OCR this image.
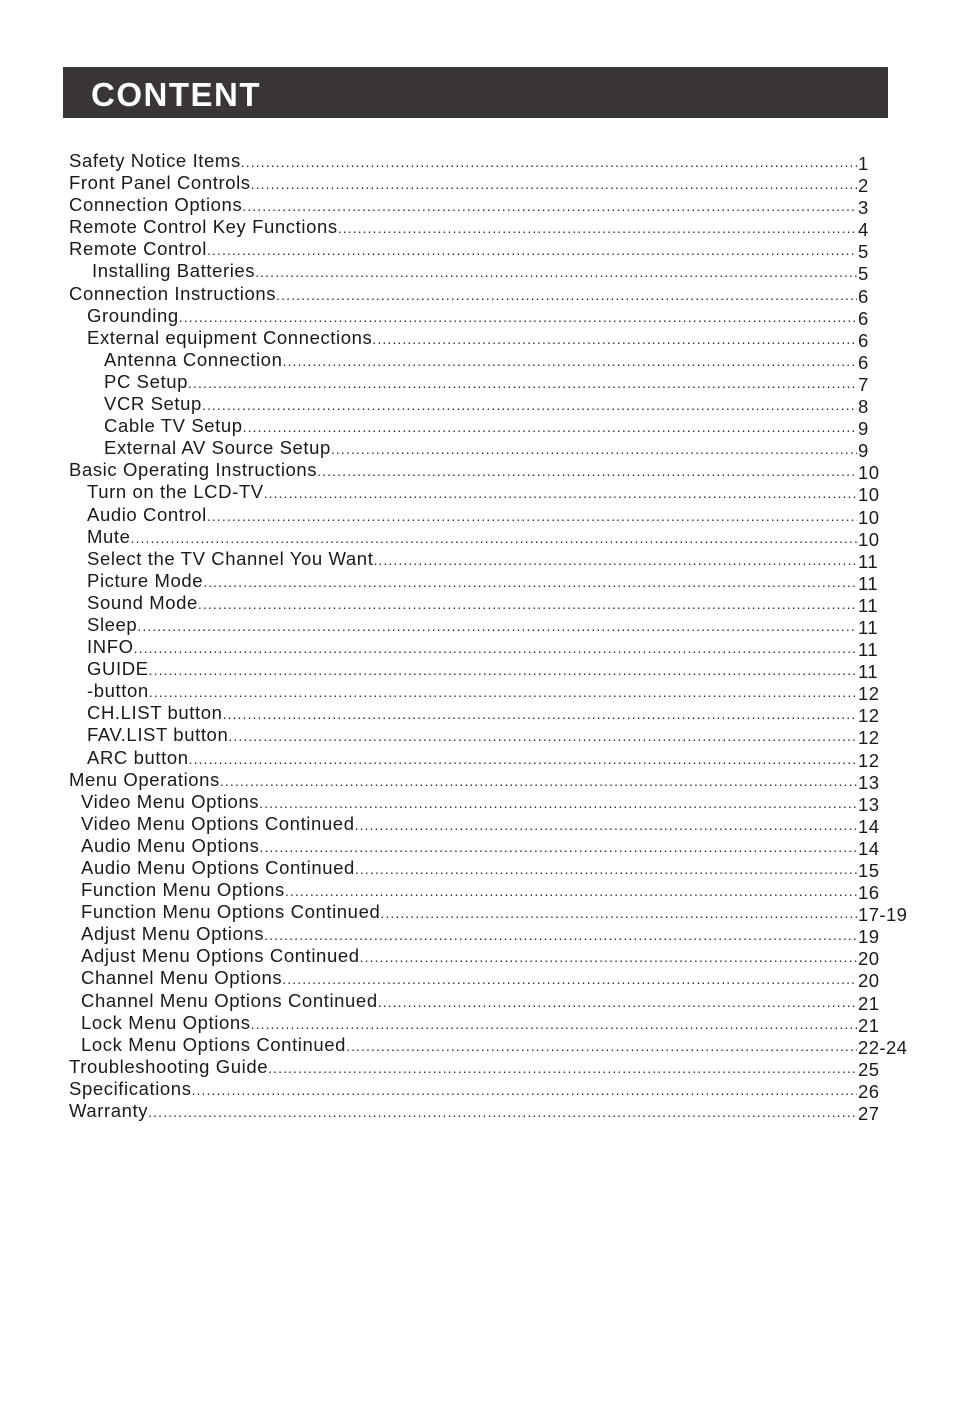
CONTENT
Safety Notice Items .....	1
Front Panel Controls .....	2
Connection Options .....	3
Remote Control Key Functions .....	4
Remote Control .....	5
Installing Batteries .....	5
Connection Instructions .....	6
Grounding .....	6
External equipment Connections .....	6
Antenna Connection .....	6
PC Setup .....	7
VCR Setup .....	8
Cable TV Setup .....	9
External AV Source Setup .....	9
Basic Operating Instructions .....	10
Turn on the LCD-TV .....	10
Audio Control .....	10
Mute .....	10
Select the TV Channel You Want .....	11
Picture Mode .....	11
Sound Mode .....	11
Sleep .....	11
INFO .....	11
GUIDE .....	11
-button .....	12
CH.LIST button .....	12
FAV.LIST button .....	12
ARC button .....	12
Menu Operations .....	13
Video Menu Options .....	13
Video Menu Options Continued .....	14
Audio Menu Options .....	14
Audio Menu Options Continued .....	15
Function Menu Options .....	16
Function Menu Options Continued .....	17-19
Adjust Menu Options .....	19
Adjust Menu Options Continued .....	20
Channel Menu Options .....	20
Channel Menu Options Continued .....	21
Lock Menu Options .....	21
Lock Menu Options Continued .....	22-24
Troubleshooting Guide .....	25
Specifications .....	26
Warranty .....	27
